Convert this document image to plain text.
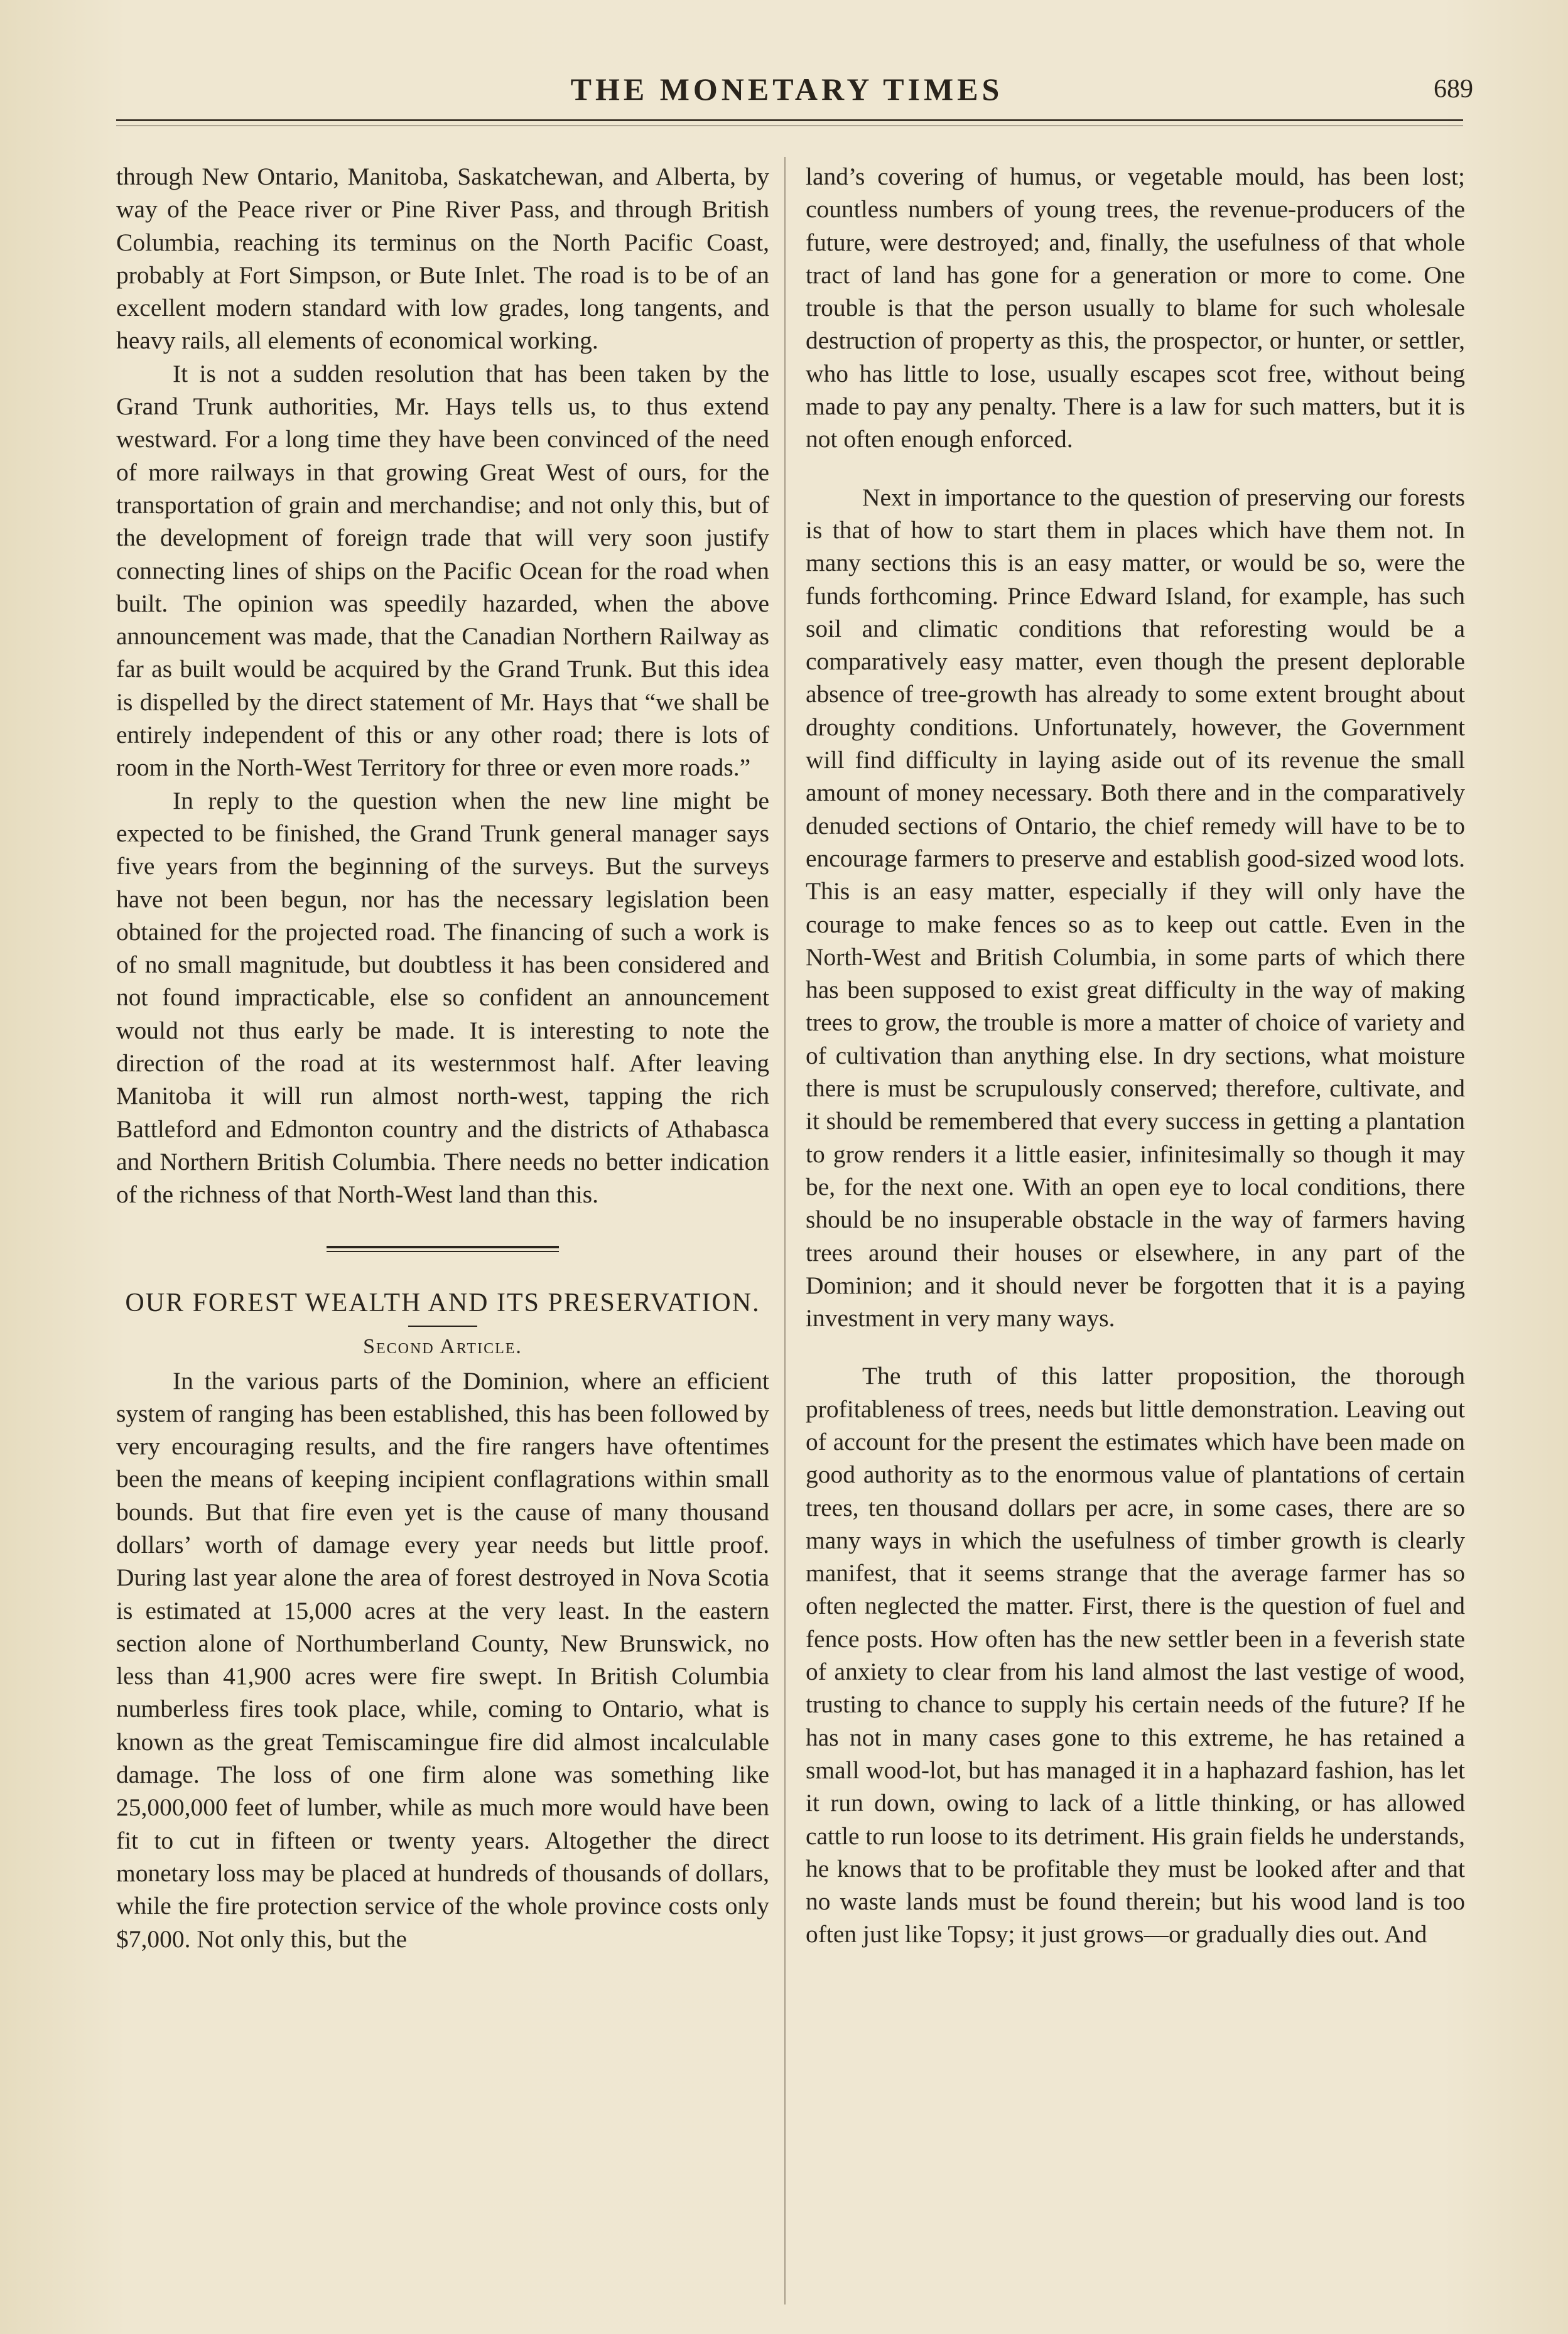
THE MONETARY TIMES	689

through New Ontario, Manitoba, Saskatchewan, and Alberta, by way of the Peace river or Pine River Pass, and through British Columbia, reaching its terminus on the North Pacific Coast, probably at Fort Simpson, or Bute Inlet. The road is to be of an excellent modern standard with low grades, long tangents, and heavy rails, all elements of economical working.

It is not a sudden resolution that has been taken by the Grand Trunk authorities, Mr. Hays tells us, to thus extend westward. For a long time they have been convinced of the need of more railways in that growing Great West of ours, for the transportation of grain and merchandise; and not only this, but of the development of foreign trade that will very soon justify connecting lines of ships on the Pacific Ocean for the road when built. The opinion was speedily hazarded, when the above announcement was made, that the Canadian Northern Railway as far as built would be acquired by the Grand Trunk. But this idea is dispelled by the direct statement of Mr. Hays that “we shall be entirely independent of this or any other road; there is lots of room in the North-West Territory for three or even more roads.”

In reply to the question when the new line might be expected to be finished, the Grand Trunk general manager says five years from the beginning of the surveys. But the surveys have not been begun, nor has the necessary legislation been obtained for the projected road. The financing of such a work is of no small magnitude, but doubtless it has been considered and not found impracticable, else so confident an announcement would not thus early be made. It is interesting to note the direction of the road at its westernmost half. After leaving Manitoba it will run almost north-west, tapping the rich Battleford and Edmonton country and the districts of Athabasca and Northern British Columbia. There needs no better indication of the richness of that North-West land than this.

OUR FOREST WEALTH AND ITS PRESERVATION.
Second Article.

In the various parts of the Dominion, where an efficient system of ranging has been established, this has been followed by very encouraging results, and the fire rangers have oftentimes been the means of keeping incipient conflagrations within small bounds. But that fire even yet is the cause of many thousand dollars’ worth of damage every year needs but little proof. During last year alone the area of forest destroyed in Nova Scotia is estimated at 15,000 acres at the very least. In the eastern section alone of Northumberland County, New Brunswick, no less than 41,900 acres were fire swept. In British Columbia numberless fires took place, while, coming to Ontario, what is known as the great Temiscamingue fire did almost incalculable damage. The loss of one firm alone was something like 25,000,000 feet of lumber, while as much more would have been fit to cut in fifteen or twenty years. Altogether the direct monetary loss may be placed at hundreds of thousands of dollars, while the fire protection service of the whole province costs only $7,000. Not only this, but the

land’s covering of humus, or vegetable mould, has been lost; countless numbers of young trees, the revenue-producers of the future, were destroyed; and, finally, the usefulness of that whole tract of land has gone for a generation or more to come. One trouble is that the person usually to blame for such wholesale destruction of property as this, the prospector, or hunter, or settler, who has little to lose, usually escapes scot free, without being made to pay any penalty. There is a law for such matters, but it is not often enough enforced.

Next in importance to the question of preserving our forests is that of how to start them in places which have them not. In many sections this is an easy matter, or would be so, were the funds forthcoming. Prince Edward Island, for example, has such soil and climatic conditions that reforesting would be a comparatively easy matter, even though the present deplorable absence of tree-growth has already to some extent brought about droughty conditions. Unfortunately, however, the Government will find difficulty in laying aside out of its revenue the small amount of money necessary. Both there and in the comparatively denuded sections of Ontario, the chief remedy will have to be to encourage farmers to preserve and establish good-sized wood lots. This is an easy matter, especially if they will only have the courage to make fences so as to keep out cattle. Even in the North-West and British Columbia, in some parts of which there has been supposed to exist great difficulty in the way of making trees to grow, the trouble is more a matter of choice of variety and of cultivation than anything else. In dry sections, what moisture there is must be scrupulously conserved; therefore, cultivate, and it should be remembered that every success in getting a plantation to grow renders it a little easier, infinitesimally so though it may be, for the next one. With an open eye to local conditions, there should be no insuperable obstacle in the way of farmers having trees around their houses or elsewhere, in any part of the Dominion; and it should never be forgotten that it is a paying investment in very many ways.

The truth of this latter proposition, the thorough profitableness of trees, needs but little demonstration. Leaving out of account for the present the estimates which have been made on good authority as to the enormous value of plantations of certain trees, ten thousand dollars per acre, in some cases, there are so many ways in which the usefulness of timber growth is clearly manifest, that it seems strange that the average farmer has so often neglected the matter. First, there is the question of fuel and fence posts. How often has the new settler been in a feverish state of anxiety to clear from his land almost the last vestige of wood, trusting to chance to supply his certain needs of the future? If he has not in many cases gone to this extreme, he has retained a small wood-lot, but has managed it in a haphazard fashion, has let it run down, owing to lack of a little thinking, or has allowed cattle to run loose to its detriment. His grain fields he understands, he knows that to be profitable they must be looked after and that no waste lands must be found therein; but his wood land is too often just like Topsy; it just grows—or gradually dies out. And
